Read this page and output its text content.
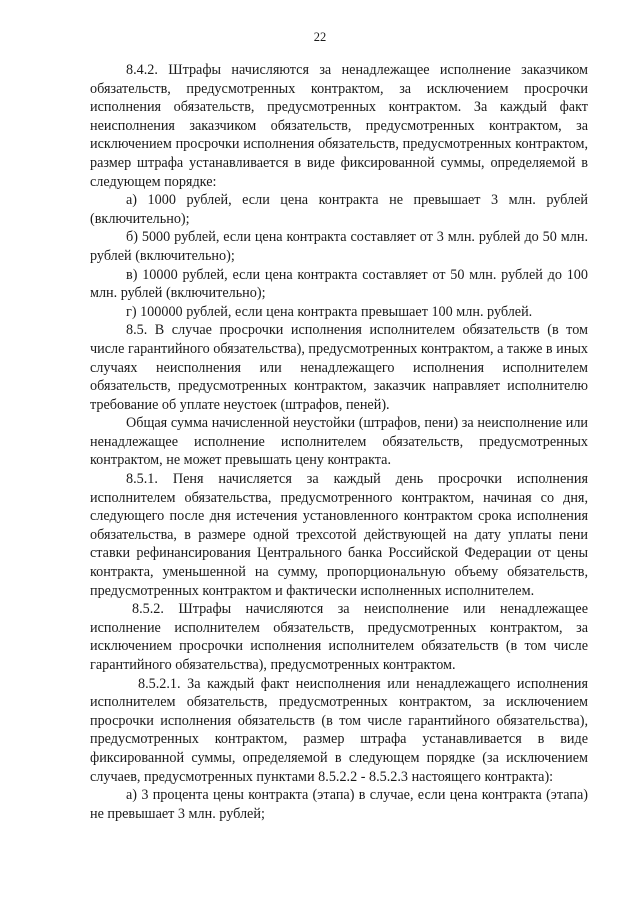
22

8.4.2. Штрафы начисляются за ненадлежащее исполнение заказчиком обязательств, предусмотренных контрактом, за исключением просрочки исполнения обязательств, предусмотренных контрактом. За каждый факт неисполнения заказчиком обязательств, предусмотренных контрактом, за исключением просрочки исполнения обязательств, предусмотренных контрактом, размер штрафа устанавливается в виде фиксированной суммы, определяемой в следующем порядке:

а) 1000 рублей, если цена контракта не превышает 3 млн. рублей (включительно);

б) 5000 рублей, если цена контракта составляет от 3 млн. рублей до 50 млн. рублей (включительно);

в) 10000 рублей, если цена контракта составляет от 50 млн. рублей до 100 млн. рублей (включительно);

г) 100000 рублей, если цена контракта превышает 100 млн. рублей.

8.5. В случае просрочки исполнения исполнителем обязательств (в том числе гарантийного обязательства), предусмотренных контрактом, а также в иных случаях неисполнения или ненадлежащего исполнения исполнителем обязательств, предусмотренных контрактом, заказчик направляет исполнителю требование об уплате неустоек (штрафов, пеней).

Общая сумма начисленной неустойки (штрафов, пени) за неисполнение или ненадлежащее исполнение исполнителем обязательств, предусмотренных контрактом, не может превышать цену контракта.

8.5.1. Пеня начисляется за каждый день просрочки исполнения исполнителем обязательства, предусмотренного контрактом, начиная со дня, следующего после дня истечения установленного контрактом срока исполнения обязательства, в размере одной трехсотой действующей на дату уплаты пени ставки рефинансирования Центрального банка Российской Федерации от цены контракта, уменьшенной на сумму, пропорциональную объему обязательств, предусмотренных контрактом и фактически исполненных исполнителем.

8.5.2. Штрафы начисляются за неисполнение или ненадлежащее исполнение исполнителем обязательств, предусмотренных контрактом, за исключением просрочки исполнения исполнителем обязательств (в том числе гарантийного обязательства), предусмотренных контрактом.

8.5.2.1. За каждый факт неисполнения или ненадлежащего исполнения исполнителем обязательств, предусмотренных контрактом, за исключением просрочки исполнения обязательств (в том числе гарантийного обязательства), предусмотренных контрактом, размер штрафа устанавливается в виде фиксированной суммы, определяемой в следующем порядке (за исключением случаев, предусмотренных пунктами 8.5.2.2 - 8.5.2.3 настоящего контракта):

а) 3 процента цены контракта (этапа) в случае, если цена контракта (этапа) не превышает 3 млн. рублей;
